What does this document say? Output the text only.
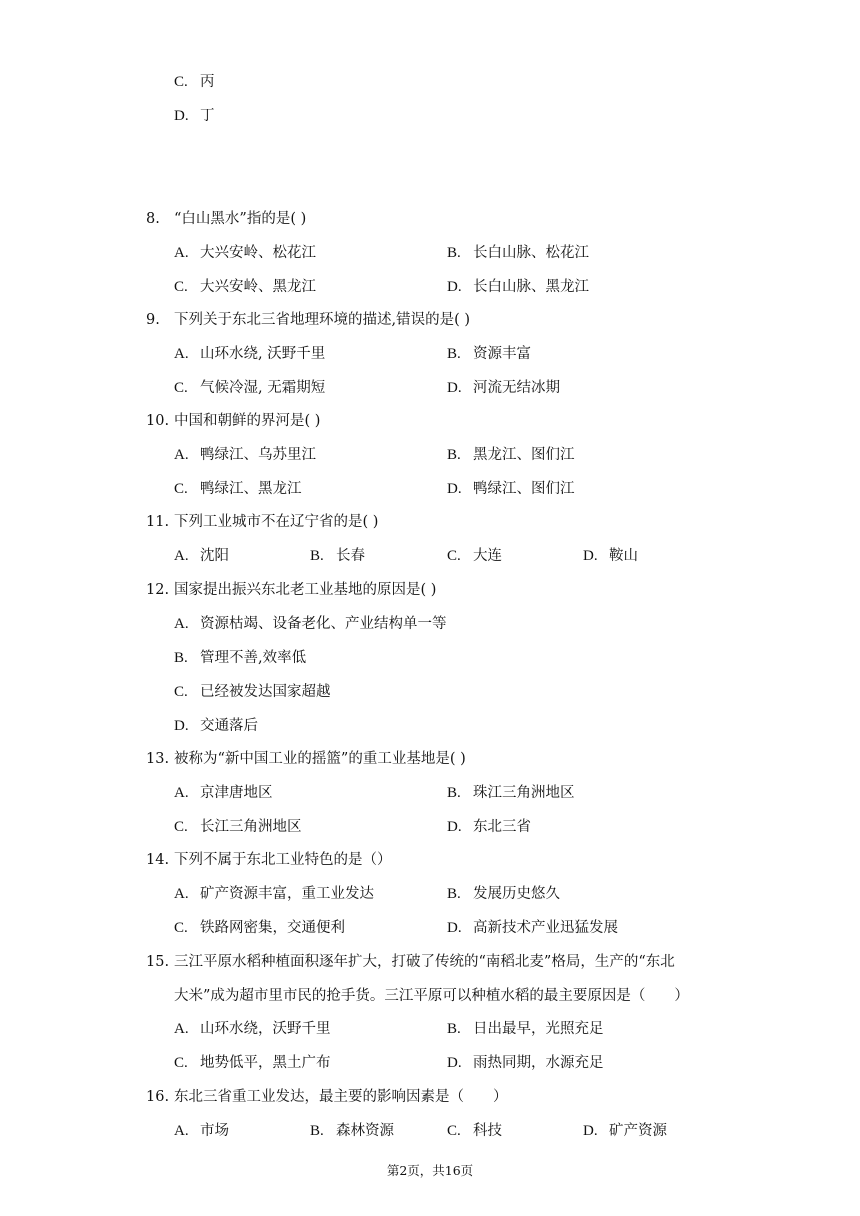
C. 丙
D. 丁
8. “白山黑水”指的是( )
A. 大兴安岭、松花江	B. 长白山脉、松花江
C. 大兴安岭、黑龙江	D. 长白山脉、黑龙江
9. 下列关于东北三省地理环境的描述,错误的是( )
A. 山环水绕, 沃野千里	B. 资源丰富
C. 气候冷湿, 无霜期短	D. 河流无结冰期
10. 中国和朝鲜的界河是( )
A. 鸭绿江、乌苏里江	B. 黑龙江、图们江
C. 鸭绿江、黑龙江	D. 鸭绿江、图们江
11. 下列工业城市不在辽宁省的是( )
A. 沈阳	B. 长春	C. 大连	D. 鞍山
12. 国家提出振兴东北老工业基地的原因是( )
A. 资源枯竭、设备老化、产业结构单一等
B. 管理不善,效率低
C. 已经被发达国家超越
D. 交通落后
13. 被称为“新中国工业的摇篮”的重工业基地是( )
A. 京津唐地区	B. 珠江三角洲地区
C. 长江三角洲地区	D. 东北三省
14. 下列不属于东北工业特色的是（）
A. 矿产资源丰富，重工业发达	B. 发展历史悠久
C. 铁路网密集，交通便利	D. 高新技术产业迅猛发展
15. 三江平原水稻种植面积逐年扩大，打破了传统的“南稻北麦”格局，生产的“东北
大米”成为超市里市民的抢手货。三江平原可以种植水稻的最主要原因是（　　）
A. 山环水绕，沃野千里	B. 日出最早，光照充足
C. 地势低平，黑土广布	D. 雨热同期，水源充足
16. 东北三省重工业发达，最主要的影响因素是（　　）
A. 市场	B. 森林资源	C. 科技	D. 矿产资源
第2页，共16页
